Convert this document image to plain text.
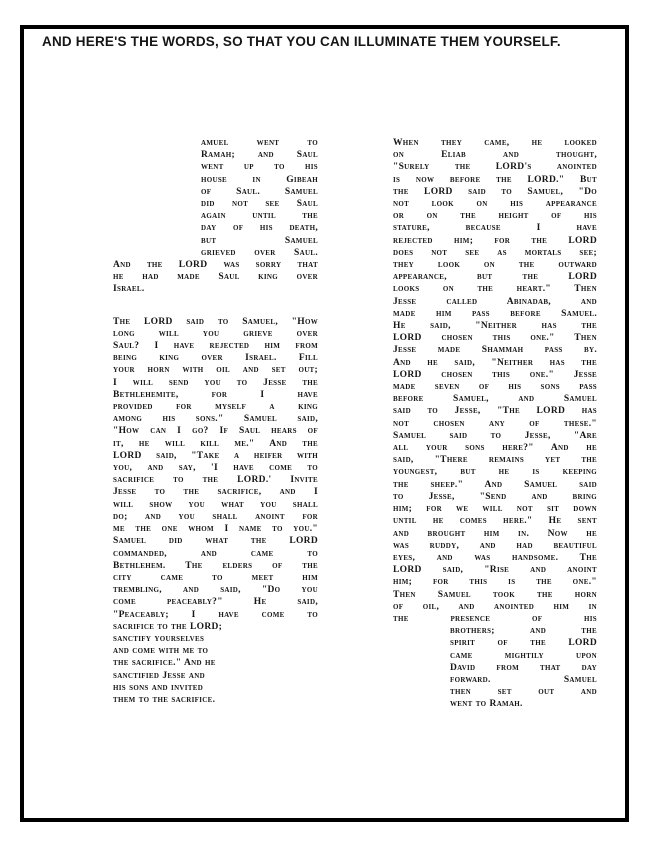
AND HERE'S THE WORDS, SO THAT YOU CAN ILLUMINATE THEM YOURSELF.
amuel went to
Ramah; and Saul
went up to his
house in Gibeah
of Saul. Samuel
did not see Saul
again until the
day of his death,
but Samuel
grieved over Saul.
And the LORD was sorry that
he had made Saul king over
Israel.
The LORD said to Samuel, "How
long will you grieve over
Saul? I have rejected him from
being king over Israel. Fill
your horn with oil and set out;
I will send you to Jesse the
Bethlehemite, for I have
provided for myself a king
among his sons." Samuel said,
"How can I go? If Saul hears of
it, he will kill me." And the
LORD said, "Take a heifer with
you, and say, 'I have come to
sacrifice to the LORD.' Invite
Jesse to the sacrifice, and I
will show you what you shall
do; and you shall anoint for
me the one whom I name to you."
Samuel did what the LORD
commanded, and came to
Bethlehem. The elders of the
city came to meet him
trembling, and said, "Do you
come peaceably?" He said,
"Peaceably; I have come to
sacrifice to the LORD;
sanctify yourselves
and come with me to
the sacrifice." And he
sanctified Jesse and
his sons and invited
them to the sacrifice.
When they came, he looked
on Eliab and thought,
"Surely the LORD's anointed
is now before the LORD." But
the LORD said to Samuel, "Do
not look on his appearance
or on the height of his
stature, because I have
rejected him; for the LORD
does not see as mortals see;
they look on the outward
appearance, but the LORD
looks on the heart." Then
Jesse called Abinadab, and
made him pass before Samuel.
He said, "Neither has the
LORD chosen this one." Then
Jesse made Shammah pass by.
And he said, "Neither has the
LORD chosen this one." Jesse
made seven of his sons pass
before Samuel, and Samuel
said to Jesse, "The LORD has
not chosen any of these."
Samuel said to Jesse, "Are
all your sons here?" And he
said, "There remains yet the
youngest, but he is keeping
the sheep." And Samuel said
to Jesse, "Send and bring
him; for we will not sit down
until he comes here." He sent
and brought him in. Now he
was ruddy, and had beautiful
eyes, and was handsome. The
LORD said, "Rise and anoint
him; for this is the one."
Then Samuel took the horn
of oil, and anointed him in
the presence of his
brothers; and the
spirit of the LORD
came mightily upon
David from that day
forward. Samuel
then set out and
went to Ramah.
